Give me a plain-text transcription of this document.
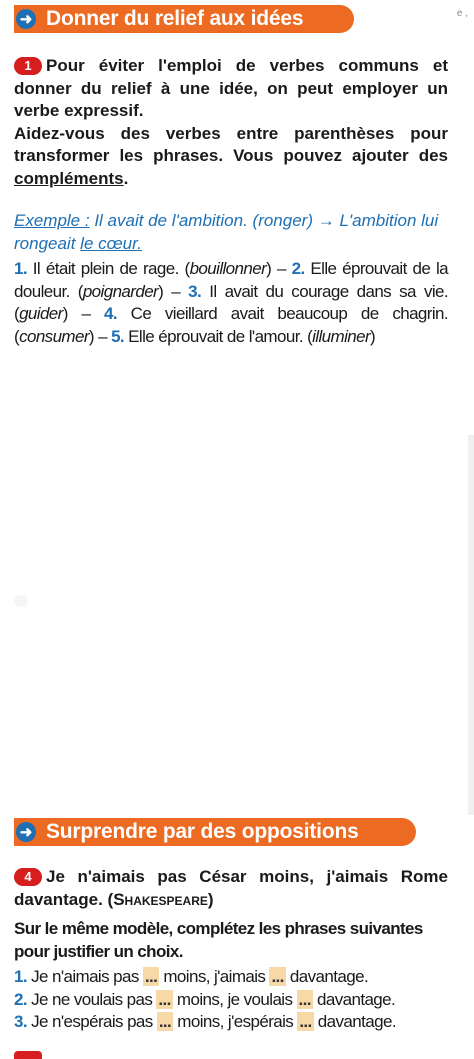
➜ Donner du relief aux idées	e ,

1 Pour éviter l'emploi de verbes communs et donner du relief à une idée, on peut employer un verbe expressif.

Aidez-vous des verbes entre parenthèses pour transformer les phrases. Vous pouvez ajouter des compléments.

Exemple : Il avait de l'ambition. (ronger) → L'ambition lui rongeait le cœur.
1. Il était plein de rage. (bouillonner) – 2. Elle éprouvait de la douleur. (poignarder) – 3. Il avait du courage dans sa vie. (guider) – 4. Ce vieillard avait beaucoup de chagrin. (consumer) – 5. Elle éprouvait de l'amour. (illuminer)
➜ Surprendre par des oppositions
4 Je n'aimais pas César moins, j'aimais Rome davantage. (Shakespeare)
Sur le même modèle, complétez les phrases suivantes pour justifier un choix.
1. Je n'aimais pas ... moins, j'aimais ... davantage.
2. Je ne voulais pas ... moins, je voulais ... davantage.
3. Je n'espérais pas ... moins, j'espérais ... davantage.
